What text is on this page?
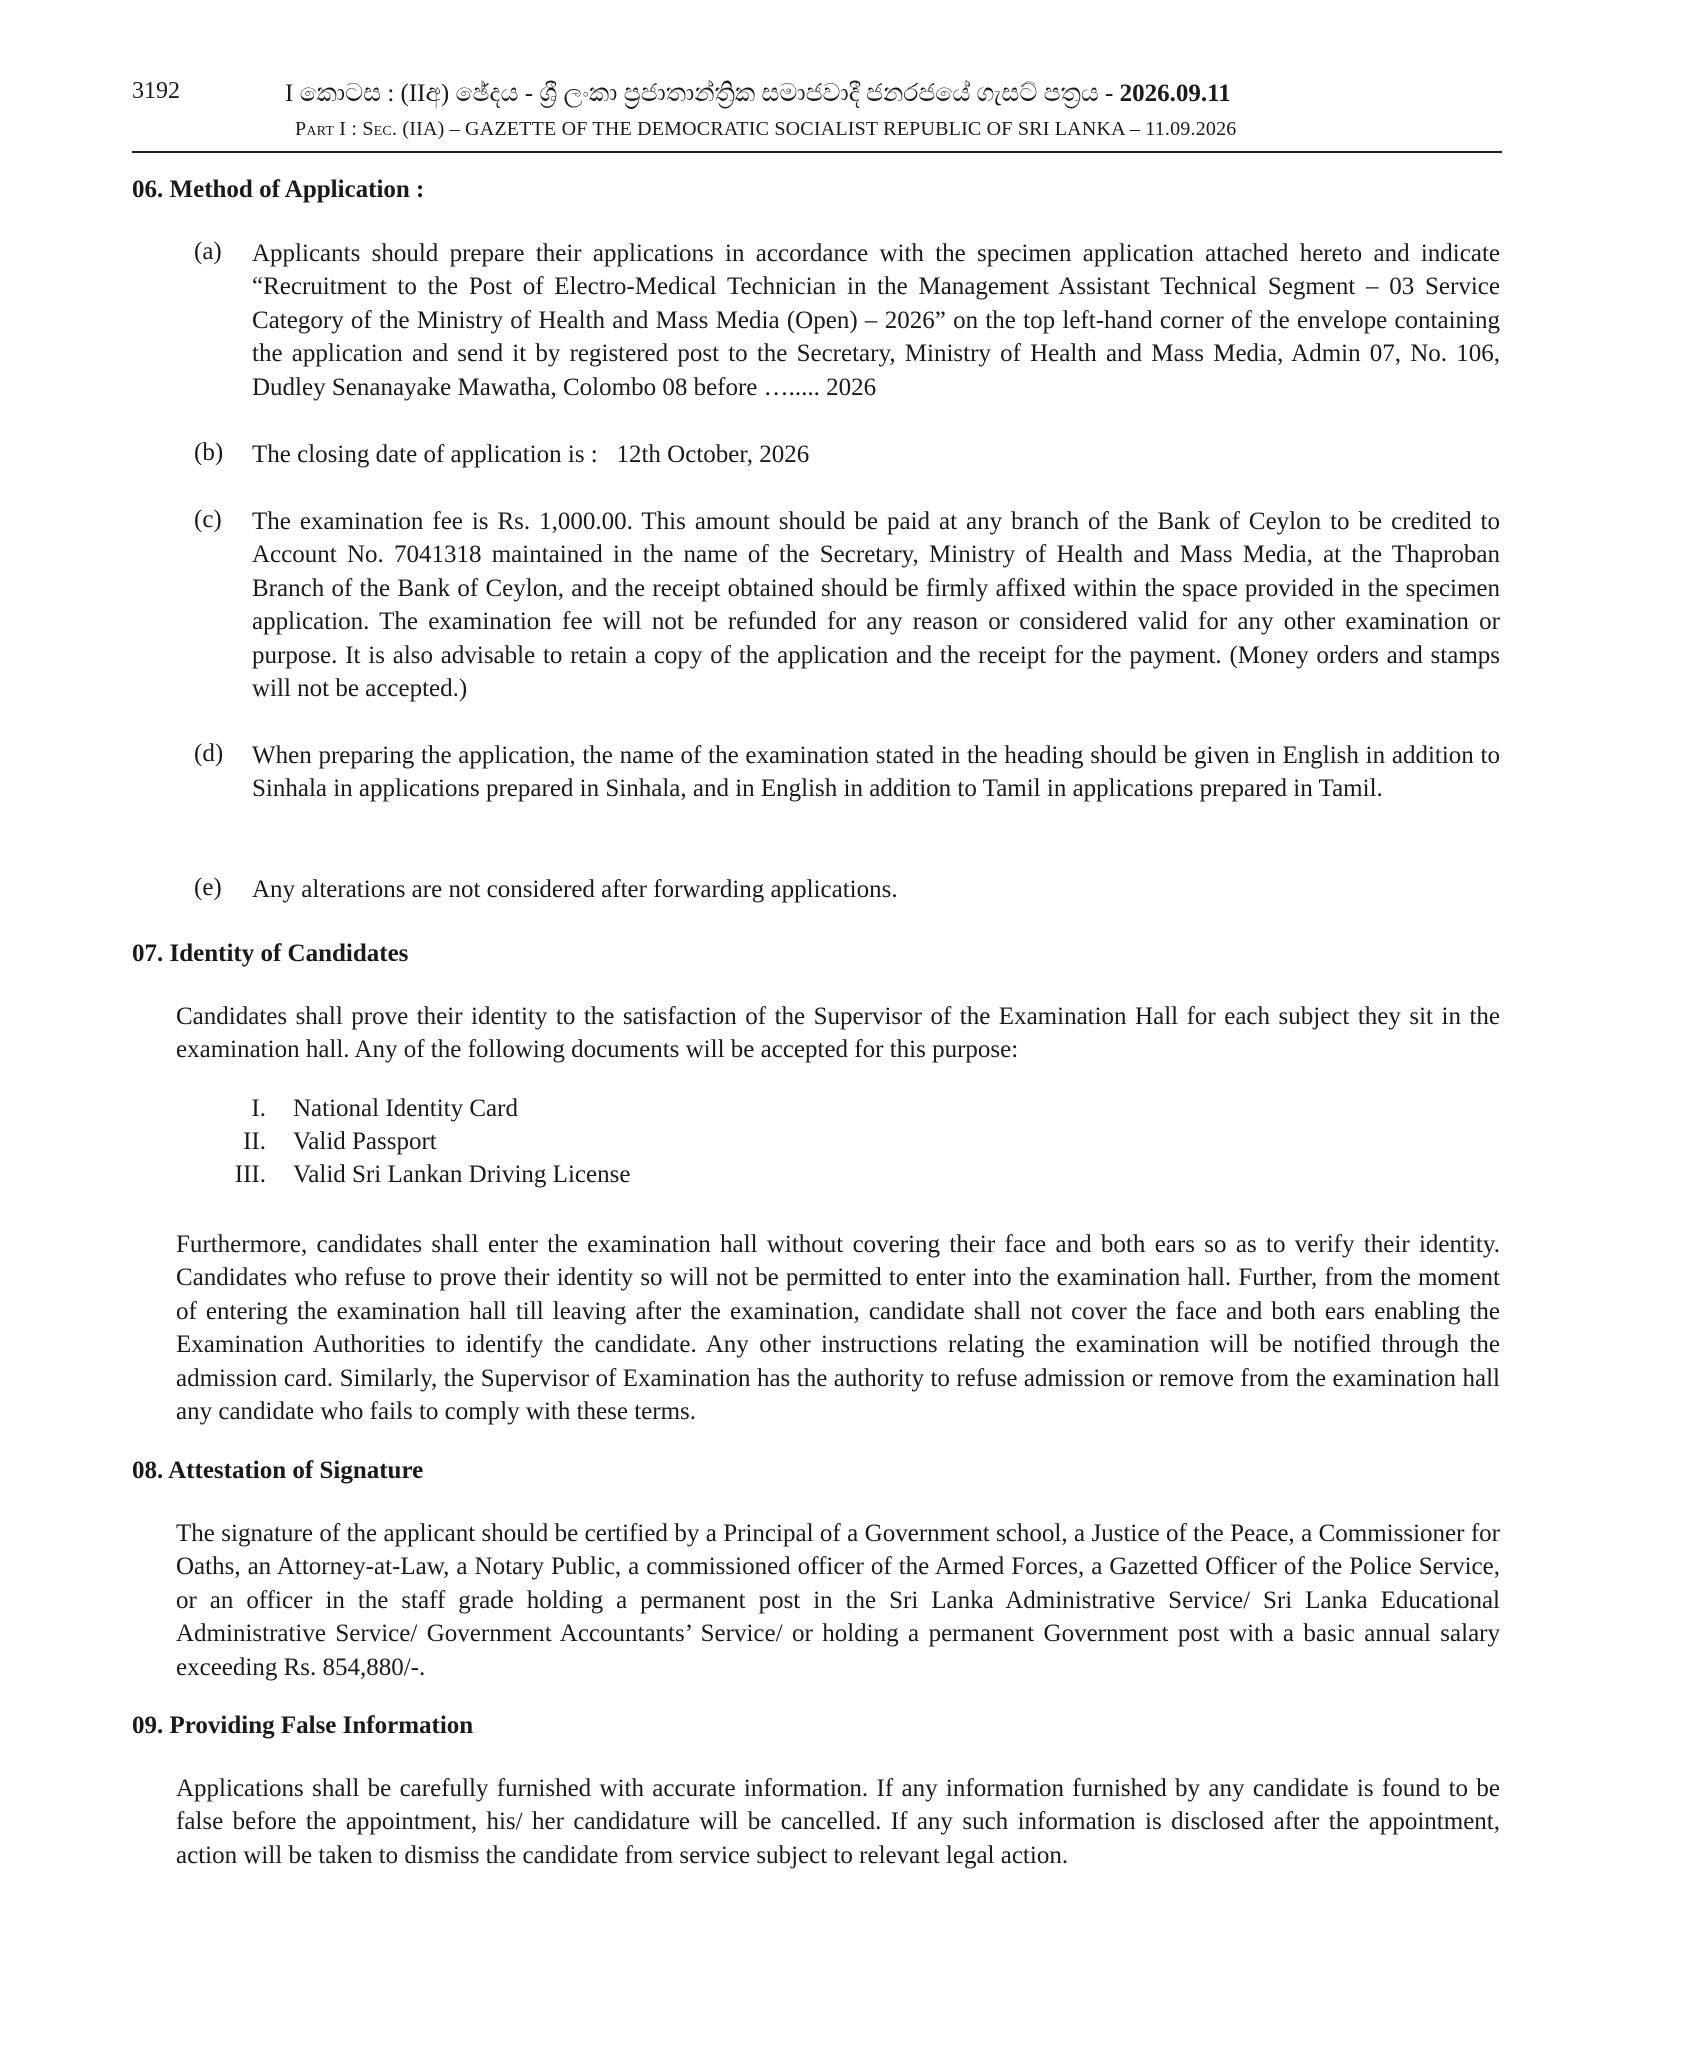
3192	I කොටස : (IIඅ) ඡේදය - ශ්‍රී ලංකා ප්‍රජාතාන්ත්‍රික සමාජවාදී ජනරජයේ ගැසට් පත්‍රය - 2026.09.11
Part I : Sec. (IIA) – GAZETTE OF THE DEMOCRATIC SOCIALIST REPUBLIC OF SRI LANKA – 11.09.2026
06. Method of Application :
(a) Applicants should prepare their applications in accordance with the specimen application attached hereto and indicate “Recruitment to the Post of Electro-Medical Technician in the Management Assistant Technical Segment – 03 Service Category of the Ministry of Health and Mass Media (Open) – 2026” on the top left-hand corner of the envelope containing the application and send it by registered post to the Secretary, Ministry of Health and Mass Media, Admin 07, No. 106, Dudley Senanayake Mawatha, Colombo 08 before …..... 2026
(b) The closing date of application is :   12th October, 2026
(c) The examination fee is Rs. 1,000.00. This amount should be paid at any branch of the Bank of Ceylon to be credited to Account No. 7041318 maintained in the name of the Secretary, Ministry of Health and Mass Media, at the Thaproban Branch of the Bank of Ceylon, and the receipt obtained should be firmly affixed within the space provided in the specimen application. The examination fee will not be refunded for any reason or considered valid for any other examination or purpose. It is also advisable to retain a copy of the application and the receipt for the payment. (Money orders and stamps will not be accepted.)
(d) When preparing the application, the name of the examination stated in the heading should be given in English in addition to Sinhala in applications prepared in Sinhala, and in English in addition to Tamil in applications prepared in Tamil.
(e) Any alterations are not considered after forwarding applications.
07. Identity of Candidates
Candidates shall prove their identity to the satisfaction of the Supervisor of the Examination Hall for each subject they sit in the examination hall. Any of the following documents will be accepted for this purpose:
I. National Identity Card
II. Valid Passport
III. Valid Sri Lankan Driving License
Furthermore, candidates shall enter the examination hall without covering their face and both ears so as to verify their identity. Candidates who refuse to prove their identity so will not be permitted to enter into the examination hall. Further, from the moment of entering the examination hall till leaving after the examination, candidate shall not cover the face and both ears enabling the Examination Authorities to identify the candidate. Any other instructions relating the examination will be notified through the admission card. Similarly, the Supervisor of Examination has the authority to refuse admission or remove from the examination hall any candidate who fails to comply with these terms.
08. Attestation of Signature
The signature of the applicant should be certified by a Principal of a Government school, a Justice of the Peace, a Commissioner for Oaths, an Attorney-at-Law, a Notary Public, a commissioned officer of the Armed Forces, a Gazetted Officer of the Police Service, or an officer in the staff grade holding a permanent post in the Sri Lanka Administrative Service/ Sri Lanka Educational Administrative Service/ Government Accountants’ Service/ or holding a permanent Government post with a basic annual salary exceeding Rs. 854,880/-.
09. Providing False Information
Applications shall be carefully furnished with accurate information. If any information furnished by any candidate is found to be false before the appointment, his/ her candidature will be cancelled. If any such information is disclosed after the appointment, action will be taken to dismiss the candidate from service subject to relevant legal action.
